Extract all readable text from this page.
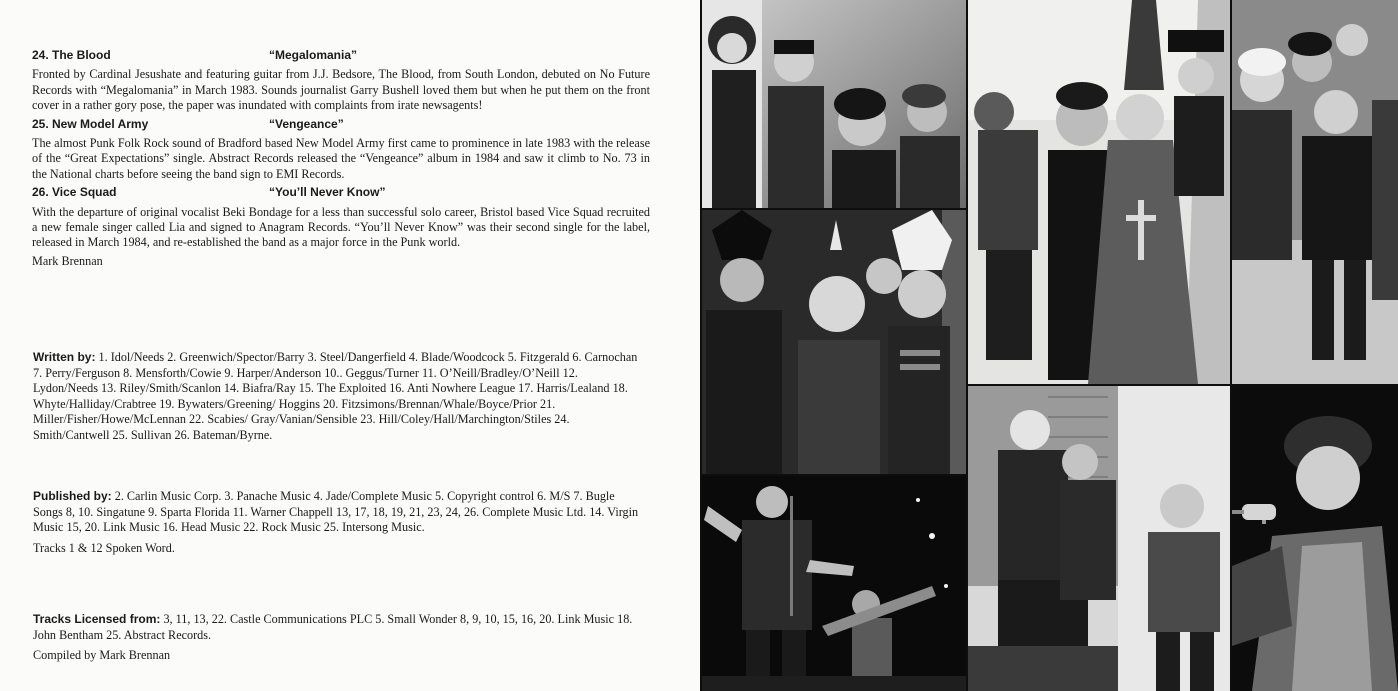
24. The Blood	“Megalomania”

Fronted by Cardinal Jesushate and featuring guitar from J.J. Bedsore, The Blood, from South London, debuted on No Future Records with “Megalomania” in March 1983. Sounds journalist Garry Bushell loved them but when he put them on the front cover in a rather gory pose, the paper was inundated with complaints from irate newsagents!

25. New Model Army	“Vengeance”

The almost Punk Folk Rock sound of Bradford based New Model Army first came to prominence in late 1983 with the release of the “Great Expectations” single. Abstract Records released the “Vengeance” album in 1984 and saw it climb to No. 73 in the National charts before seeing the band sign to EMI Records.

26. Vice Squad	“You’ll Never Know”

With the departure of original vocalist Beki Bondage for a less than successful solo career, Bristol based Vice Squad recruited a new female singer called Lia and signed to Anagram Records. “You’ll Never Know” was their second single for the label, released in March 1984, and re-established the band as a major force in the Punk world.

Mark Brennan

Written by: 1. Idol/Needs 2. Greenwich/Spector/Barry 3. Steel/Dangerfield 4. Blade/Woodcock 5. Fitzgerald 6. Carnochan 7. Perry/Ferguson 8. Mensforth/Cowie 9. Harper/Anderson 10.. Geggus/Turner 11. O’Neill/Bradley/O’Neill 12. Lydon/Needs 13. Riley/Smith/Scanlon 14. Biafra/Ray 15. The Exploited 16. Anti Nowhere League 17. Harris/Lealand 18. Whyte/Halliday/Crabtree 19. Bywaters/Greening/ Hoggins 20. Fitzsimons/Brennan/Whale/Boyce/Prior 21. Miller/Fisher/Howe/McLennan 22. Scabies/ Gray/Vanian/Sensible 23. Hill/Coley/Hall/Marchington/Stiles 24. Smith/Cantwell 25. Sullivan 26. Bateman/Byrne.

Published by: 2. Carlin Music Corp. 3. Panache Music 4. Jade/Complete Music 5. Copyright control 6. M/S 7. Bugle Songs 8, 10. Singatune 9. Sparta Florida 11. Warner Chappell 13, 17, 18, 19, 21, 23, 24, 26. Complete Music Ltd. 14. Virgin Music 15, 20. Link Music 16. Head Music 22. Rock Music 25. Intersong Music.

Tracks 1 & 12 Spoken Word.

Tracks Licensed from: 3, 11, 13, 22. Castle Communications PLC 5. Small Wonder 8, 9, 10, 15, 16, 20. Link Music 18. John Bentham 25. Abstract Records.

Compiled by Mark Brennan
